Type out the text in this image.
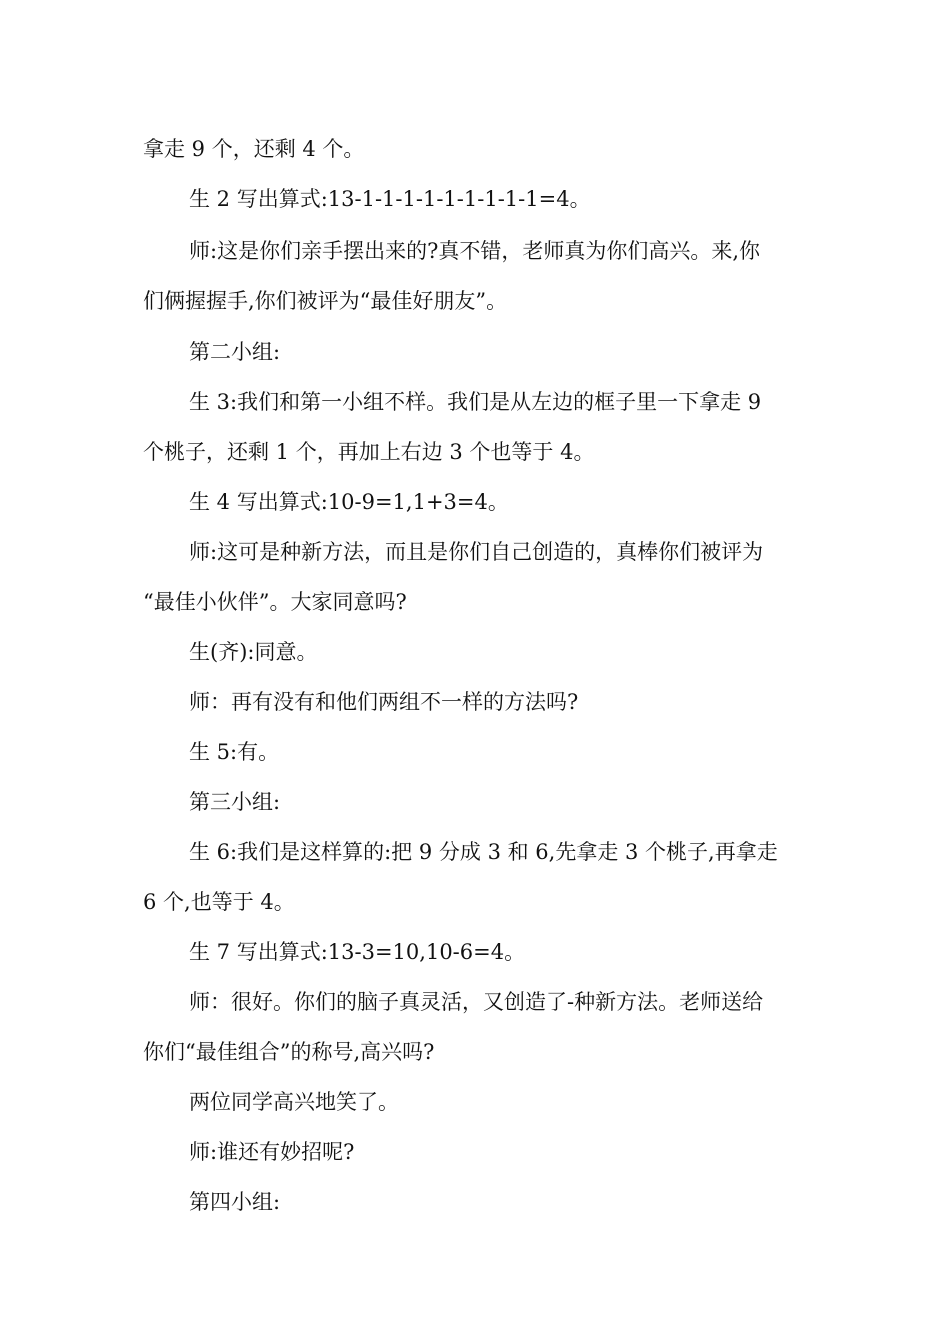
拿走 9 个，还剩 4 个。
生 2 写出算式:13-1-1-1-1-1-1-1-1-1=4。
师:这是你们亲手摆出来的?真不错，老师真为你们高兴。来,你
们俩握握手,你们被评为“最佳好朋友”。
第二小组:
生 3:我们和第一小组不样。我们是从左边的框子里一下拿走 9
个桃子，还剩 1 个，再加上右边 3 个也等于 4。
生 4 写出算式:10-9=1,1+3=4。
师:这可是种新方法，而且是你们自己创造的，真棒你们被评为
“最佳小伙伴”。大家同意吗?
生(齐):同意。
师：再有没有和他们两组不一样的方法吗?
生 5:有。
第三小组:
生 6:我们是这样算的:把 9 分成 3 和 6,先拿走 3 个桃子,再拿走
6 个,也等于 4。
生 7 写出算式:13-3=10,10-6=4。
师：很好。你们的脑子真灵活，又创造了-种新方法。老师送给
你们“最佳组合”的称号,高兴吗?
两位同学高兴地笑了。
师:谁还有妙招呢?
第四小组:
